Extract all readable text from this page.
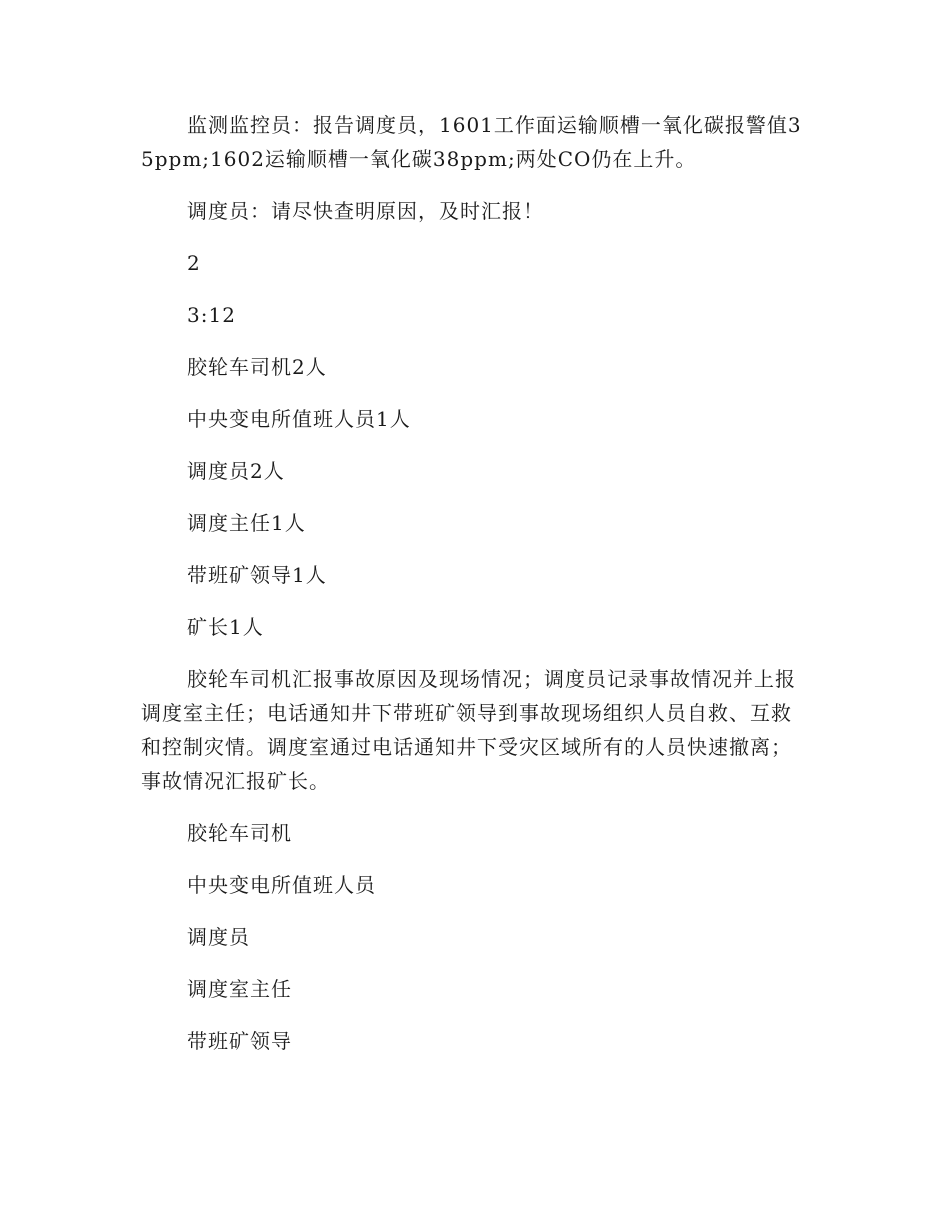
监测监控员：报告调度员，1601工作面运输顺槽一氧化碳报警值35ppm;1602运输顺槽一氧化碳38ppm;两处CO仍在上升。

调度员：请尽快查明原因，及时汇报！

2

3:12

胶轮车司机2人

中央变电所值班人员1人

调度员2人

调度主任1人

带班矿领导1人

矿长1人

胶轮车司机汇报事故原因及现场情况；调度员记录事故情况并上报调度室主任；电话通知井下带班矿领导到事故现场组织人员自救、互救和控制灾情。调度室通过电话通知井下受灾区域所有的人员快速撤离；事故情况汇报矿长。

胶轮车司机

中央变电所值班人员

调度员

调度室主任

带班矿领导
